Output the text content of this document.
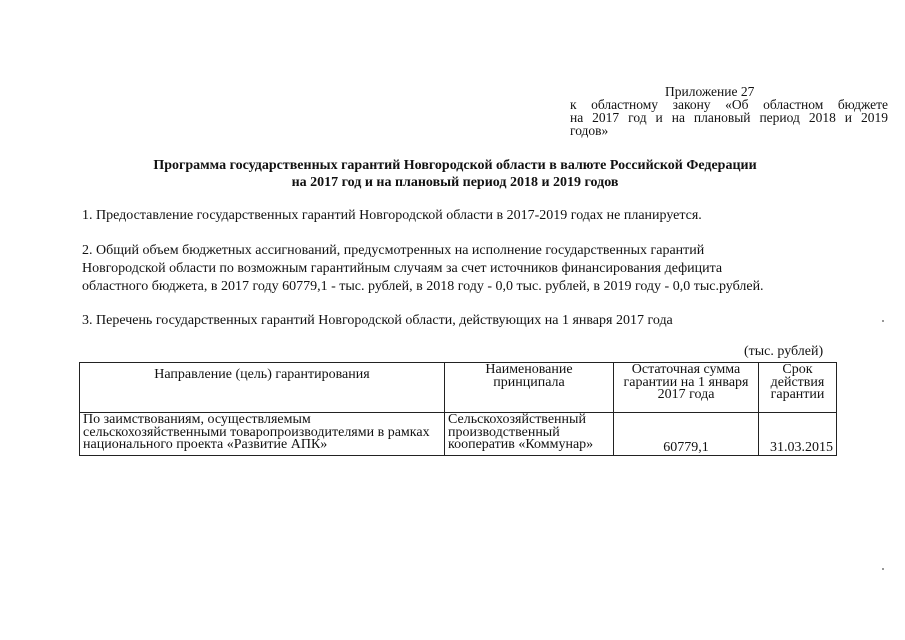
Приложение 27
к областному закону «Об областном бюджете
на 2017 год и на плановый период 2018 и 2019
годов»
Программа государственных гарантий Новгородской области в валюте Российской Федерации
на 2017 год и на плановый период 2018 и 2019 годов
1. Предоставление государственных гарантий Новгородской области в 2017-2019 годах не планируется.
2. Общий объем бюджетных ассигнований, предусмотренных на исполнение государственных гарантий
Новгородской области по возможным гарантийным случаям за счет источников финансирования дефицита
областного бюджета, в 2017 году 60779,1 - тыс. рублей, в 2018 году - 0,0 тыс. рублей, в 2019 году - 0,0 тыс.рублей.
3. Перечень государственных гарантий Новгородской области, действующих на 1 января 2017 года
(тыс. рублей)
Направление (цель) гарантирования	Наименование принципала	Остаточная сумма гарантии на 1 января 2017 года	Срок действия гарантии
По заимствованиям, осуществляемым сельскохозяйственными товаропроизводителями в рамках национального проекта «Развитие АПК»	Сельскохозяйственный производственный кооператив «Коммунар»	60779,1	31.03.2015
